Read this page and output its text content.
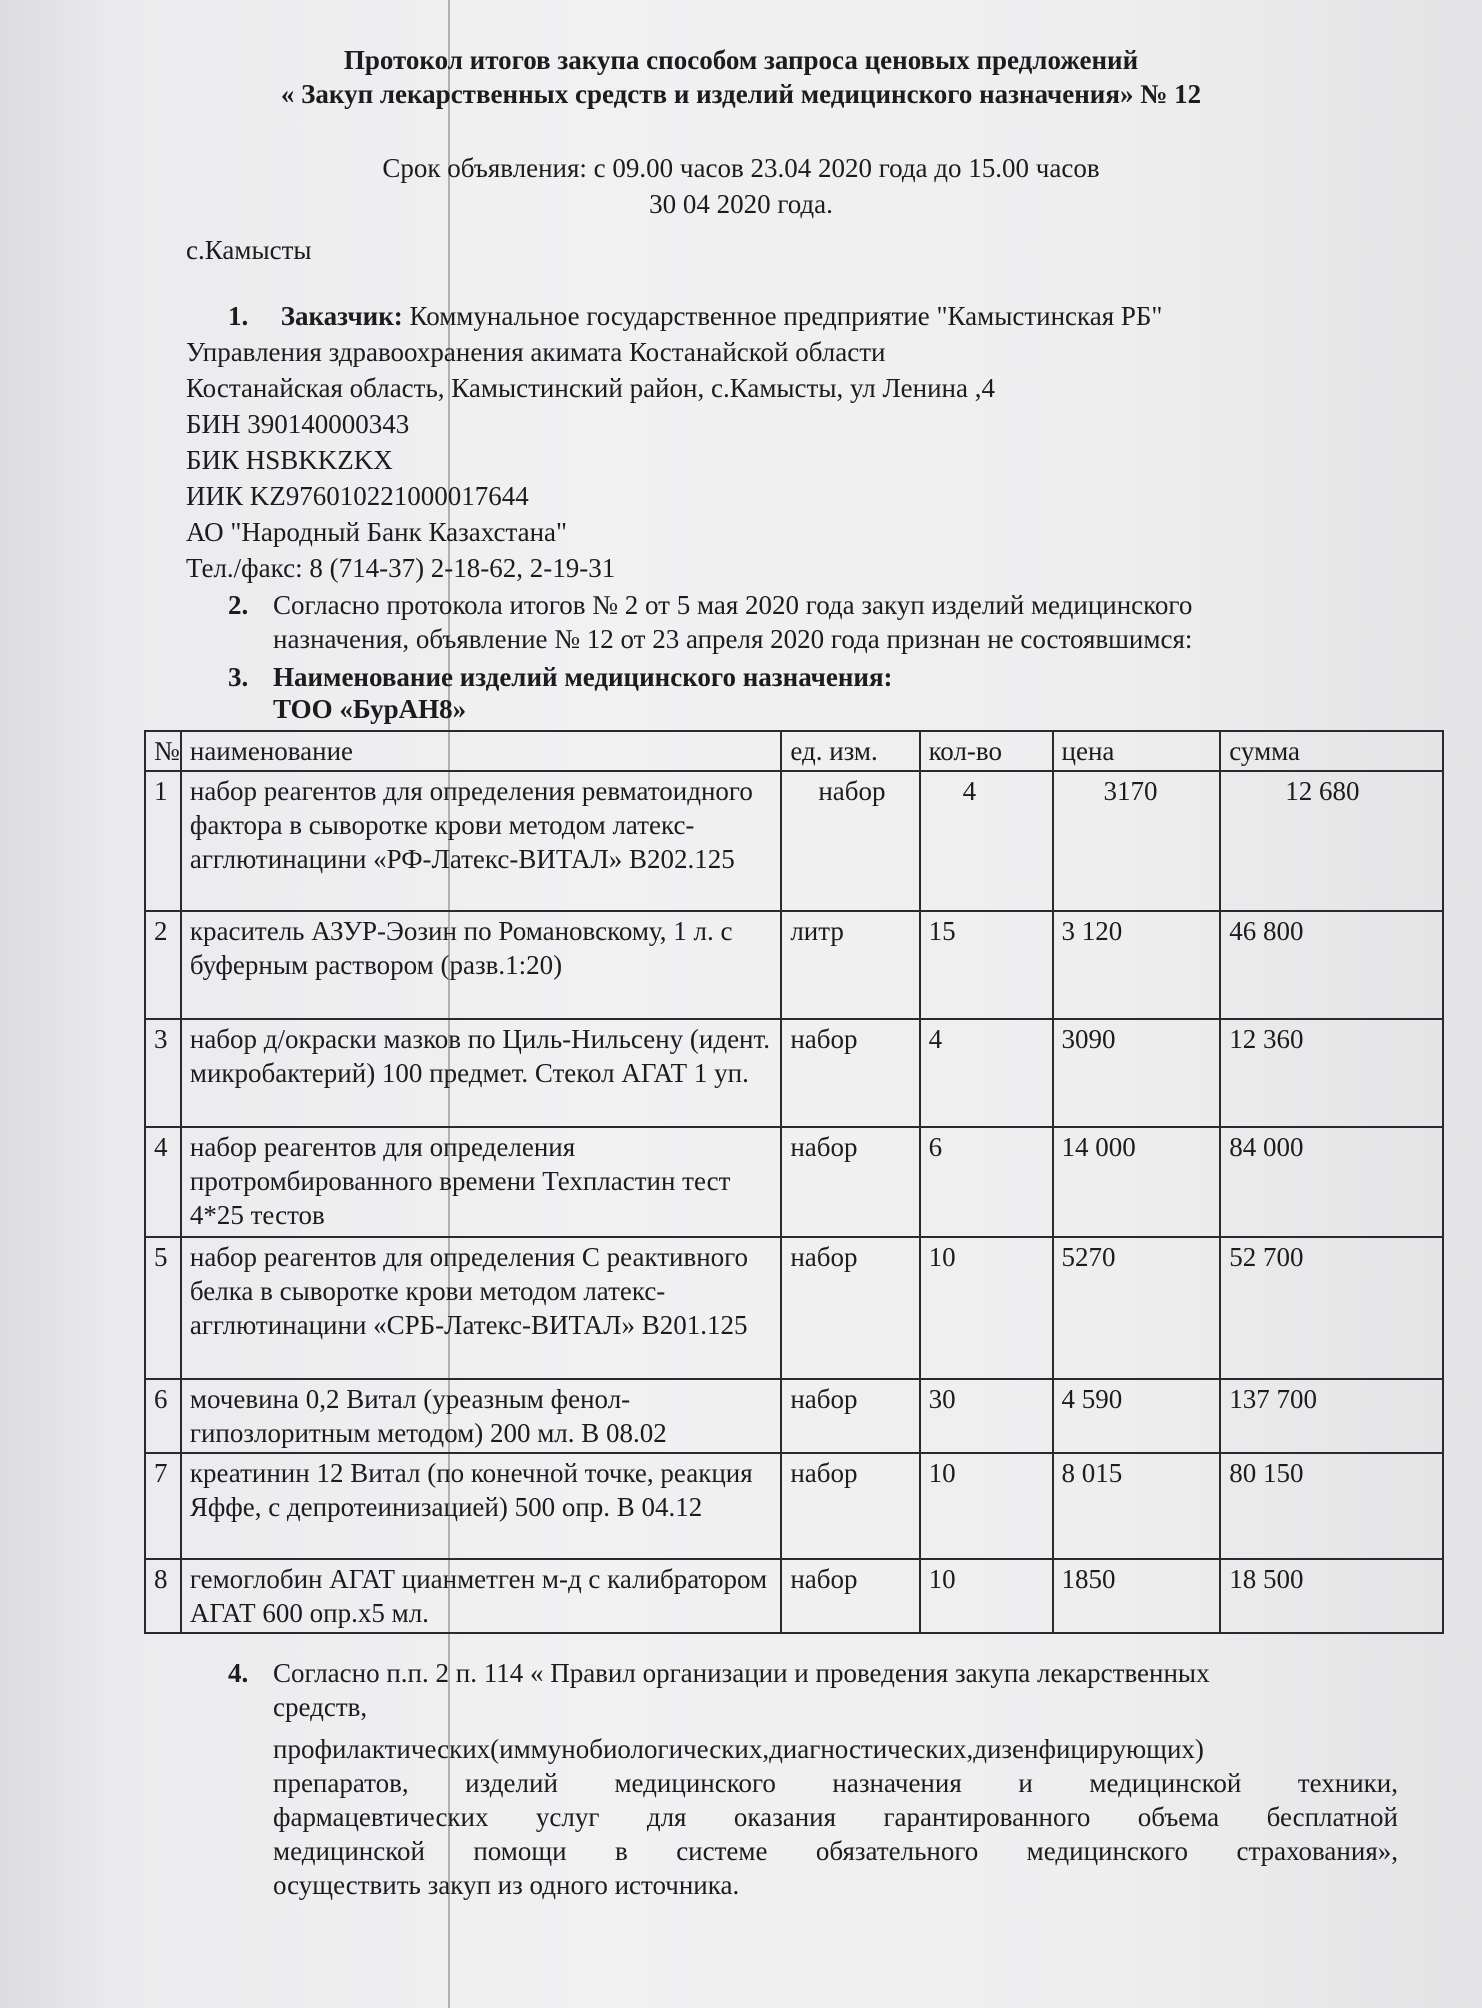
Протокол итогов закупа способом запроса ценовых предложений
« Закуп лекарственных средств и изделий медицинского назначения» № 12
Срок объявления: с 09.00 часов 23.04 2020 года до 15.00 часов
30 04 2020 года.
с.Камысты
1. Заказчик: Коммунальное государственное предприятие "Камыстинская РБ"
Управления здравоохранения акимата Костанайской области
Костанайская область, Камыстинский район, с.Камысты, ул Ленина ,4
БИН 390140000343
БИК HSBKKZKX
ИИК KZ976010221000017644
АО "Народный Банк Казахстана"
Тел./факс: 8 (714-37) 2-18-62, 2-19-31
2. Согласно протокола итогов № 2 от 5 мая 2020 года закуп изделий медицинского
назначения, объявление № 12 от 23 апреля 2020 года признан не состоявшимся:
3. Наименование изделий медицинского назначения:
ТОО «БурАН8»
№	наименование	ед. изм.	кол-во	цена	сумма
1	набор реагентов для определения ревматоидного фактора в сыворотке крови методом латекс-агглютинацини «РФ-Латекс-ВИТАЛ» В202.125	набор	4	3170	12 680
2	краситель АЗУР-Эозин по Романовскому, 1 л. с буферным раствором (разв.1:20)	литр	15	3 120	46 800
3	набор д/окраски мазков по Циль-Нильсену (идент. микробактерий) 100 предмет. Стекол АГАТ 1 уп.	набор	4	3090	12 360
4	набор реагентов для определения протромбированного времени Техпластин тест 4*25 тестов	набор	6	14 000	84 000
5	набор реагентов для определения С реактивного белка в сыворотке крови методом латекс-агглютинацини «СРБ-Латекс-ВИТАЛ» В201.125	набор	10	5270	52 700
6	мочевина 0,2 Витал (уреазным фенол-гипозлоритным методом) 200 мл. В 08.02	набор	30	4 590	137 700
7	креатинин 12 Витал (по конечной точке, реакция Яффе, с депротеинизацией) 500 опр. В 04.12	набор	10	8 015	80 150
8	гемоглобин АГАТ цианметген м-д с калибратором АГАТ 600 опр.х5 мл.	набор	10	1850	18 500
4. Согласно п.п. 2 п. 114 « Правил организации и проведения закупа лекарственных
средств,
профилактических(иммунобиологических,диагностических,дизенфицирующих)
препаратов, изделий медицинского назначения и медицинской техники,
фармацевтических услуг для оказания гарантированного объема бесплатной
медицинской помощи в системе обязательного медицинского страхования»,
осуществить закуп из одного источника.
